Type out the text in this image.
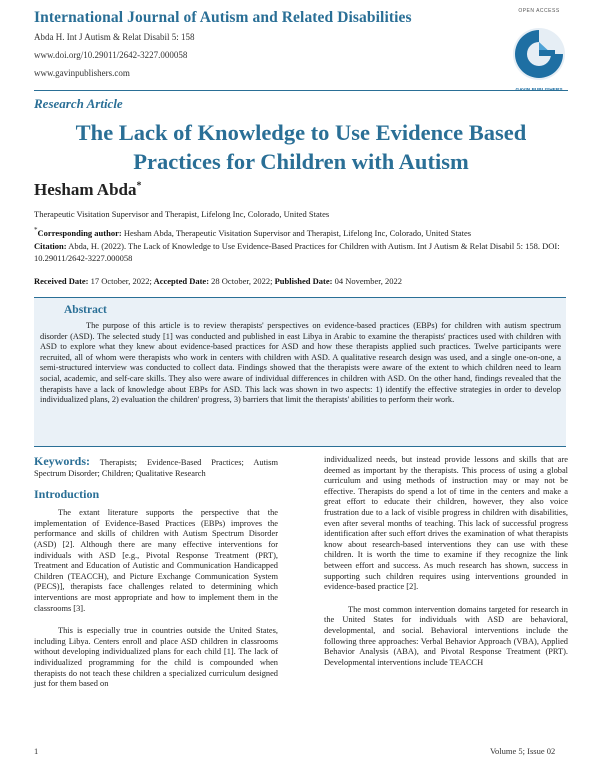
International Journal of Autism and Related Disabilities
Abda H. Int J Autism & Relat Disabil 5: 158
www.doi.org/10.29011/2642-3227.000058
www.gavinpublishers.com
OPEN ACCESS
Research Article
The Lack of Knowledge to Use Evidence Based Practices for Children with Autism
Hesham Abda*
Therapeutic Visitation Supervisor and Therapist, Lifelong Inc, Colorado, United States
*Corresponding author: Hesham Abda, Therapeutic Visitation Supervisor and Therapist, Lifelong Inc, Colorado, United States
Citation: Abda, H. (2022). The Lack of Knowledge to Use Evidence-Based Practices for Children with Autism. Int J Autism & Relat Disabil 5: 158. DOI: 10.29011/2642-3227.000058
Received Date: 17 October, 2022; Accepted Date: 28 October, 2022; Published Date: 04 November, 2022
Abstract

The purpose of this article is to review therapists' perspectives on evidence-based practices (EBPs) for children with autism spectrum disorder (ASD). The selected study [1] was conducted and published in east Libya in Arabic to examine the therapists' practices used with children with ASD to explore what they knew about evidence-based practices for ASD and how these therapists applied such practices. Twelve participants were recruited, all of whom were therapists who work in centers with children with ASD. A qualitative research design was used, and a single one-on-one, a semi-structured interview was conducted to collect data. Findings showed that the therapists were aware of the extent to which children need to learn social, academic, and self-care skills. They also were aware of individual differences in children with ASD. On the other hand, findings revealed that the therapists have a lack of knowledge about EBPs for ASD. This lack was shown in two aspects: 1) identify the effective strategies in order to develop individualized plans, 2) evaluation the children' progress, 3) barriers that limit the therapists' abilities to perform their work.

Keywords: Therapists; Evidence-Based Practices; Autism Spectrum Disorder; Children; Qualitative Research

Introduction

The extant literature supports the perspective that the implementation of Evidence-Based Practices (EBPs) improves the performance and skills of children with Autism Spectrum Disorder (ASD) [2]. Although there are many effective interventions for individuals with ASD [e.g., Pivotal Response Treatment (PRT), Treatment and Education of Autistic and Communication Handicapped Children (TEACCH), and Picture Exchange Communication System (PECS)], therapists face challenges related to determining which interventions are most appropriate and how to implement them in the classrooms [3].

This is especially true in countries outside the United States, including Libya. Centers enroll and place ASD children in classrooms without developing individualized plans for each child [1]. The lack of individualized programming for the child is compounded when therapists do not teach these children a specialized curriculum designed just for them based on

individualized needs, but instead provide lessons and skills that are deemed as important by the therapists. This process of using a global curriculum and using methods of instruction may or may not be effective. Therapists do spend a lot of time in the centers and make a great effort to educate their children, however, they also voice frustration due to a lack of visible progress in children with disabilities, even after several months of teaching. This lack of successful progress identification after such effort drives the examination of what therapists know about research-based interventions they can use with these children. It is worth the time to examine if they recognize the link between effort and success. As much research has shown, success in supporting such children requires using interventions grounded in evidence-based practice [2].

The most common intervention domains targeted for research in the United States for individuals with ASD are behavioral, developmental, and social. Behavioral interventions include the following three approaches: Verbal Behavior Approach (VBA), Applied Behavior Analysis (ABA), and Pivotal Response Treatment (PRT). Developmental interventions include TEACCH

1	Volume 5; Issue 02
